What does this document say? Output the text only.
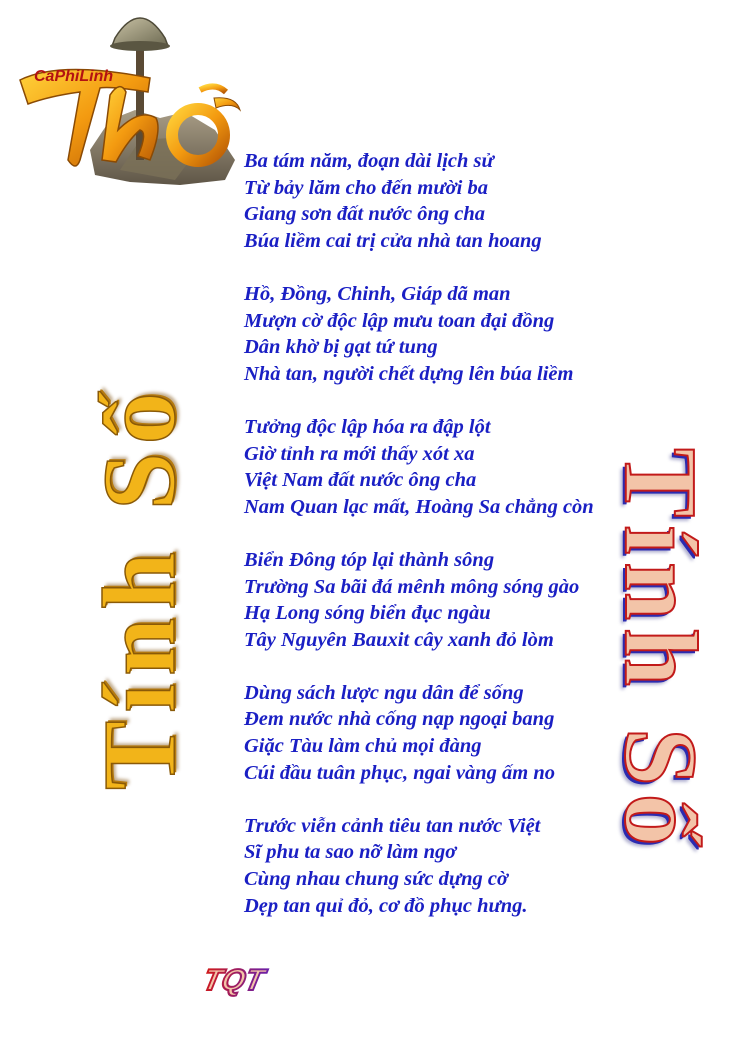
CaPhiLinh
Tính Số	Tính Số
Ba tám năm, đoạn dài lịch sử
Từ bảy lăm cho đến mười ba
Giang sơn đất nước ông cha
Búa liềm cai trị cửa nhà tan hoang
Hồ, Đồng, Chinh, Giáp dã man
Mượn cờ độc lập mưu toan đại đồng
Dân khờ bị gạt tứ tung
Nhà tan, người chết dựng lên búa liềm
Tưởng độc lập hóa ra đập lột
Giờ tỉnh ra mới thấy xót xa
Việt Nam đất nước ông cha
Nam Quan lạc mất, Hoàng Sa chẳng còn
Biển Đông tóp lại thành sông
Trường Sa bãi đá mênh mông sóng gào
Hạ Long sóng biển đục ngàu
Tây Nguyên Bauxit cây xanh đỏ lòm
Dùng sách lược ngu dân để sống
Đem nước nhà cống nạp ngoại bang
Giặc Tàu làm chủ mọi đàng
Cúi đầu tuân phục, ngai vàng ấm no
Trước viễn cảnh tiêu tan nước Việt
Sĩ phu ta sao nỡ làm ngơ
Cùng nhau chung sức dựng cờ
Dẹp tan quỉ đỏ, cơ đồ phục hưng.
TQT
